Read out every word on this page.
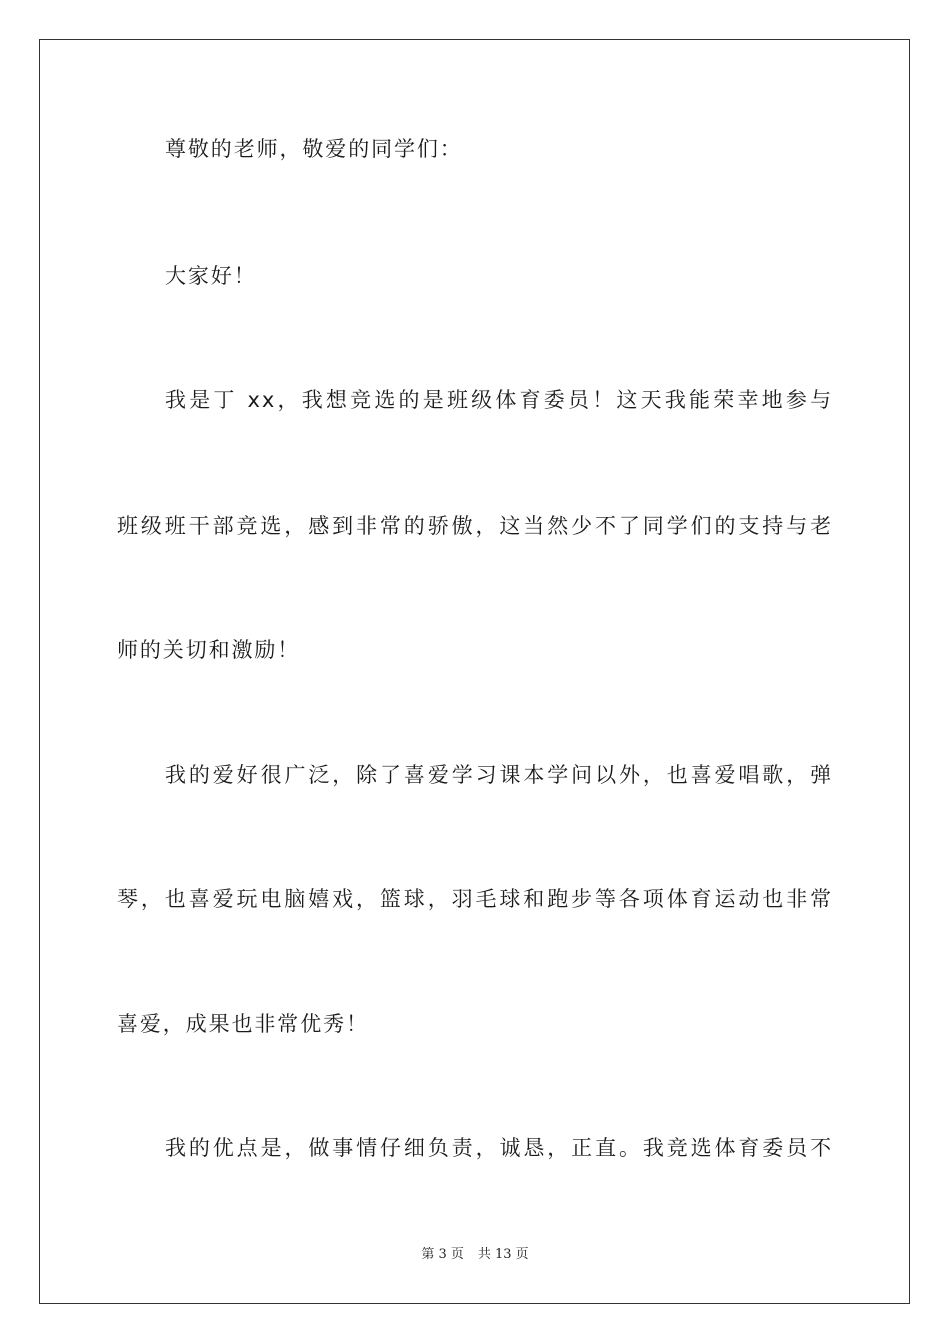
尊敬的老师，敬爱的同学们：
大家好！
我是丁 xx，我想竞选的是班级体育委员！这天我能荣幸地参与
班级班干部竞选，感到非常的骄傲，这当然少不了同学们的支持与老
师的关切和激励！
我的爱好很广泛，除了喜爱学习课本学问以外，也喜爱唱歌，弹
琴，也喜爱玩电脑嬉戏，篮球，羽毛球和跑步等各项体育运动也非常
喜爱，成果也非常优秀！
我的优点是，做事情仔细负责，诚恳，正直。我竞选体育委员不
第 3 页 共 13 页
